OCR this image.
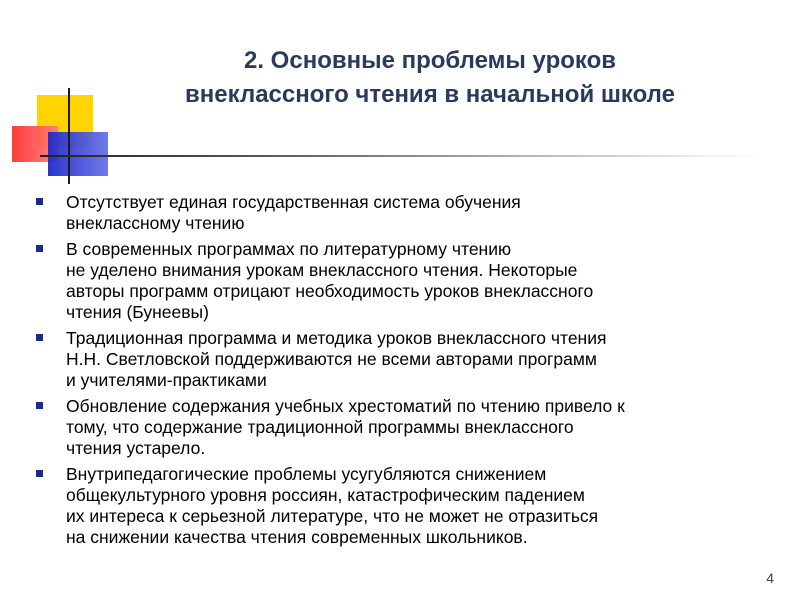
2. Основные проблемы уроков
внеклассного чтения в начальной школе
Отсутствует единая государственная система обучения
внеклассному чтению
В современных программах по литературному чтению
не уделено внимания урокам внеклассного чтения. Некоторые
авторы программ отрицают необходимость уроков внеклассного
чтения (Бунеевы)
Традиционная программа и методика уроков внеклассного чтения
Н.Н. Светловской поддерживаются не всеми авторами программ
и учителями-практиками
Обновление содержания учебных хрестоматий по чтению привело к
тому, что содержание традиционной программы внеклассного
чтения устарело.
Внутрипедагогические проблемы усугубляются снижением
общекультурного уровня россиян, катастрофическим падением
их интереса к серьезной литературе, что не может не отразиться
на снижении качества чтения современных школьников.
4
